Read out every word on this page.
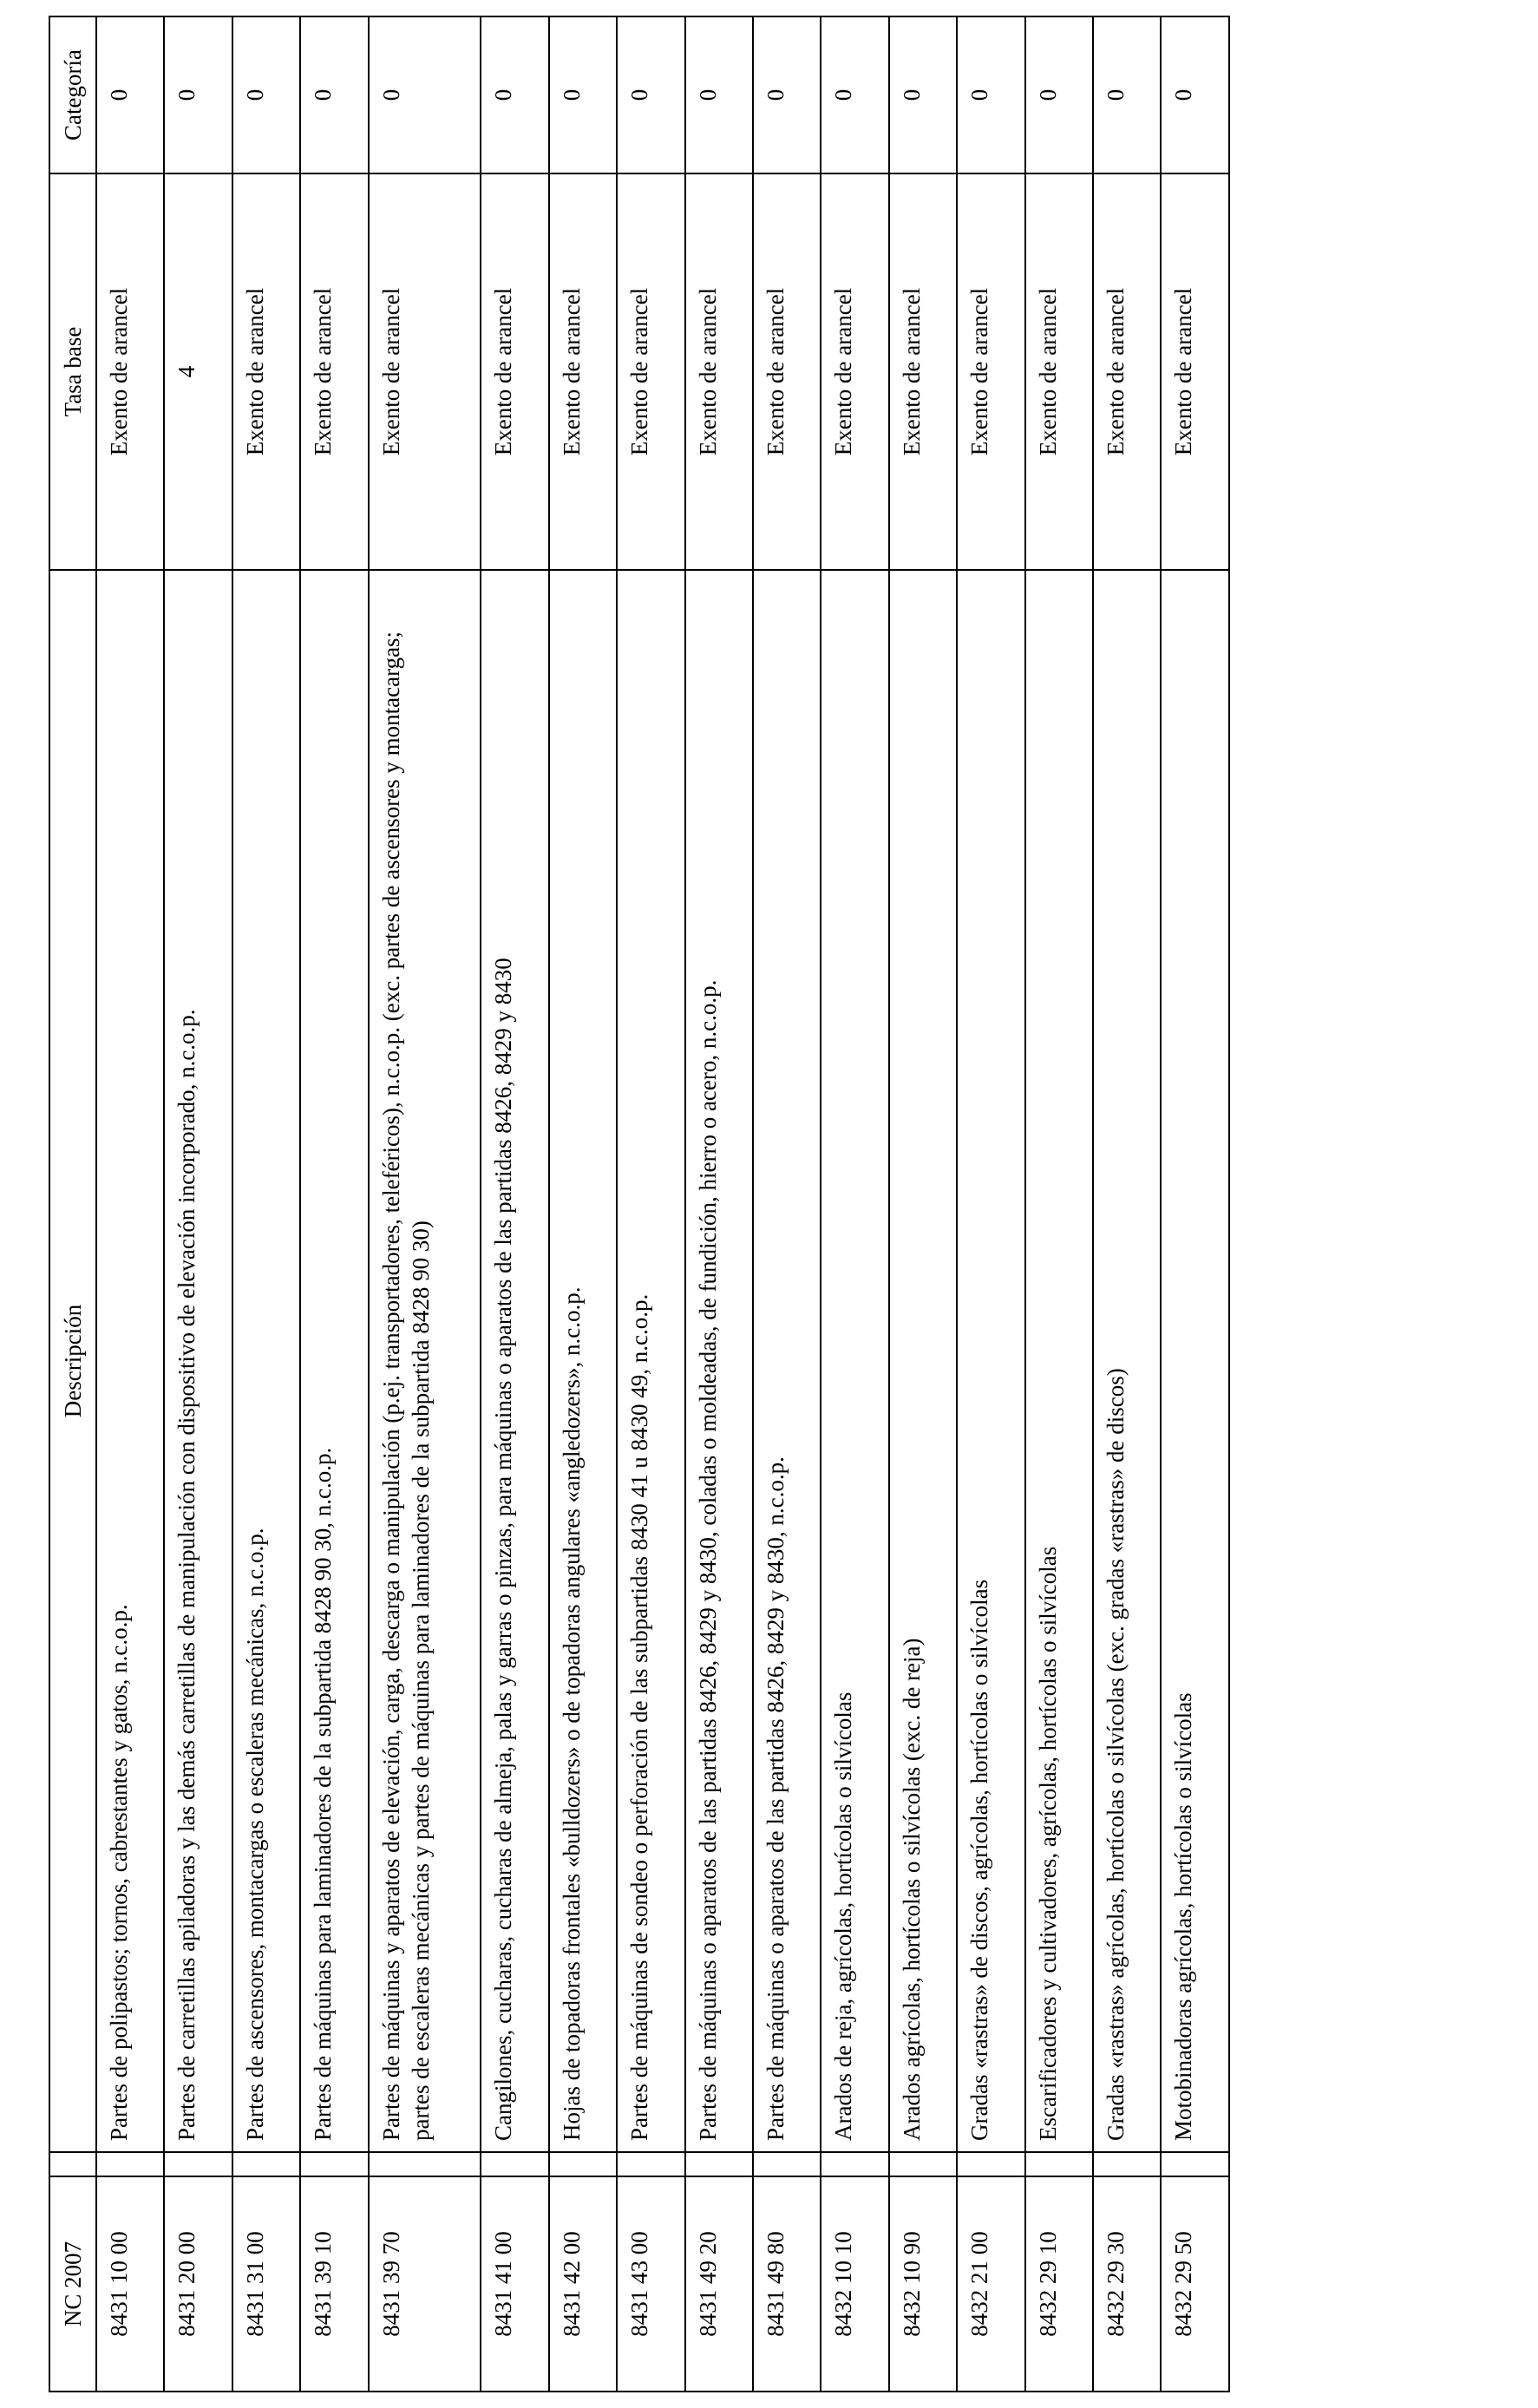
NC 2007		Descripción	Tasa base	Categoría
8431 10 00		Partes de polipastos; tornos, cabrestantes y gatos, n.c.o.p.	Exento de arancel	0
8431 20 00		Partes de carretillas apiladoras y las demás carretillas de manipulación con dispositivo de elevación incorporado, n.c.o.p.	4	0
8431 31 00		Partes de ascensores, montacargas o escaleras mecánicas, n.c.o.p.	Exento de arancel	0
8431 39 10		Partes de máquinas para laminadores de la subpartida 8428 90 30, n.c.o.p.	Exento de arancel	0
8431 39 70		Partes de máquinas y aparatos de elevación, carga, descarga o manipulación (p.ej. transportadores, teleféricos), n.c.o.p. (exc. partes de ascensores y montacargas; partes de escaleras mecánicas y partes de máquinas para laminadores de la subpartida 8428 90 30)	Exento de arancel	0
8431 41 00		Cangilones, cucharas, cucharas de almeja, palas y garras o pinzas, para máquinas o aparatos de las partidas 8426, 8429 y 8430	Exento de arancel	0
8431 42 00		Hojas de topadoras frontales «bulldozers» o de topadoras angulares «angledozers», n.c.o.p.	Exento de arancel	0
8431 43 00		Partes de máquinas de sondeo o perforación de las subpartidas 8430 41 u 8430 49, n.c.o.p.	Exento de arancel	0
8431 49 20		Partes de máquinas o aparatos de las partidas 8426, 8429 y 8430, coladas o moldeadas, de fundición, hierro o acero, n.c.o.p.	Exento de arancel	0
8431 49 80		Partes de máquinas o aparatos de las partidas 8426, 8429 y 8430, n.c.o.p.	Exento de arancel	0
8432 10 10		Arados de reja, agrícolas, hortícolas o silvícolas	Exento de arancel	0
8432 10 90		Arados agrícolas, hortícolas o silvícolas (exc. de reja)	Exento de arancel	0
8432 21 00		Gradas «rastras» de discos, agrícolas, hortícolas o silvícolas	Exento de arancel	0
8432 29 10		Escarificadores y cultivadores, agrícolas, hortícolas o silvícolas	Exento de arancel	0
8432 29 30		Gradas «rastras» agrícolas, hortícolas o silvícolas (exc. gradas «rastras» de discos)	Exento de arancel	0
8432 29 50		Motobinadoras agrícolas, hortícolas o silvícolas	Exento de arancel	0
